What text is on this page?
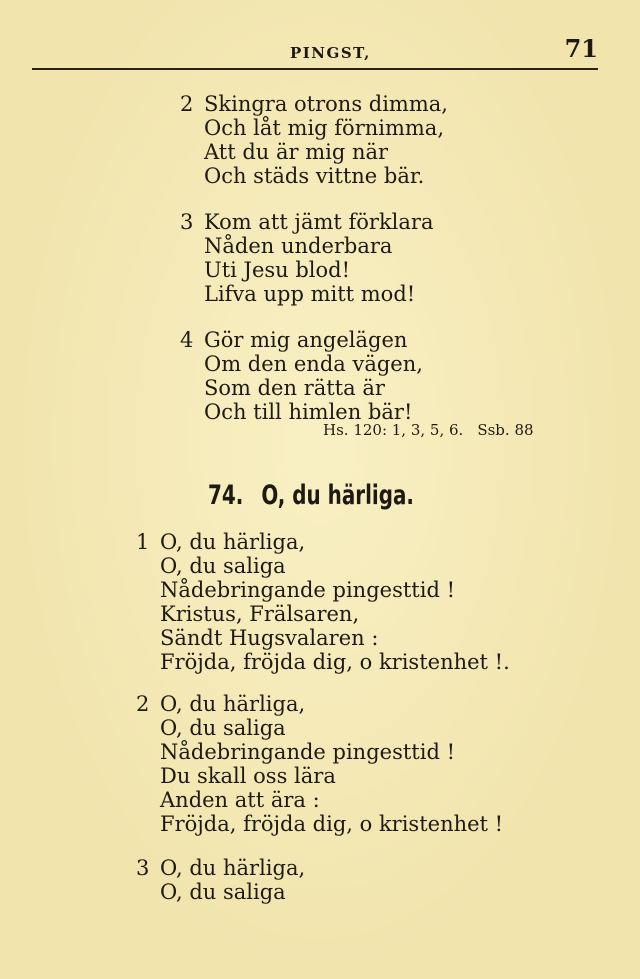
PINGST,	71
2 Skingra otrons dimma,
Och låt mig förnimma,
Att du är mig när
Och städs vittne bär.
3 Kom att jämt förklara
Nåden underbara
Uti Jesu blod!
Lifva upp mitt mod!
4 Gör mig angelägen
Om den enda vägen,
Som den rätta är
Och till himlen bär!
Hs. 120: 1, 3, 5, 6. Ssb. 88
74. O, du härliga.
1 O, du härliga,
O, du saliga
Nådebringande pingesttid !
Kristus, Frälsaren,
Sändt Hugsvalaren :
Fröjda, fröjda dig, o kristenhet !.
2 O, du härliga,
O, du saliga
Nådebringande pingesttid !
Du skall oss lära
Anden att ära :
Fröjda, fröjda dig, o kristenhet !
3 O, du härliga,
O, du saliga
